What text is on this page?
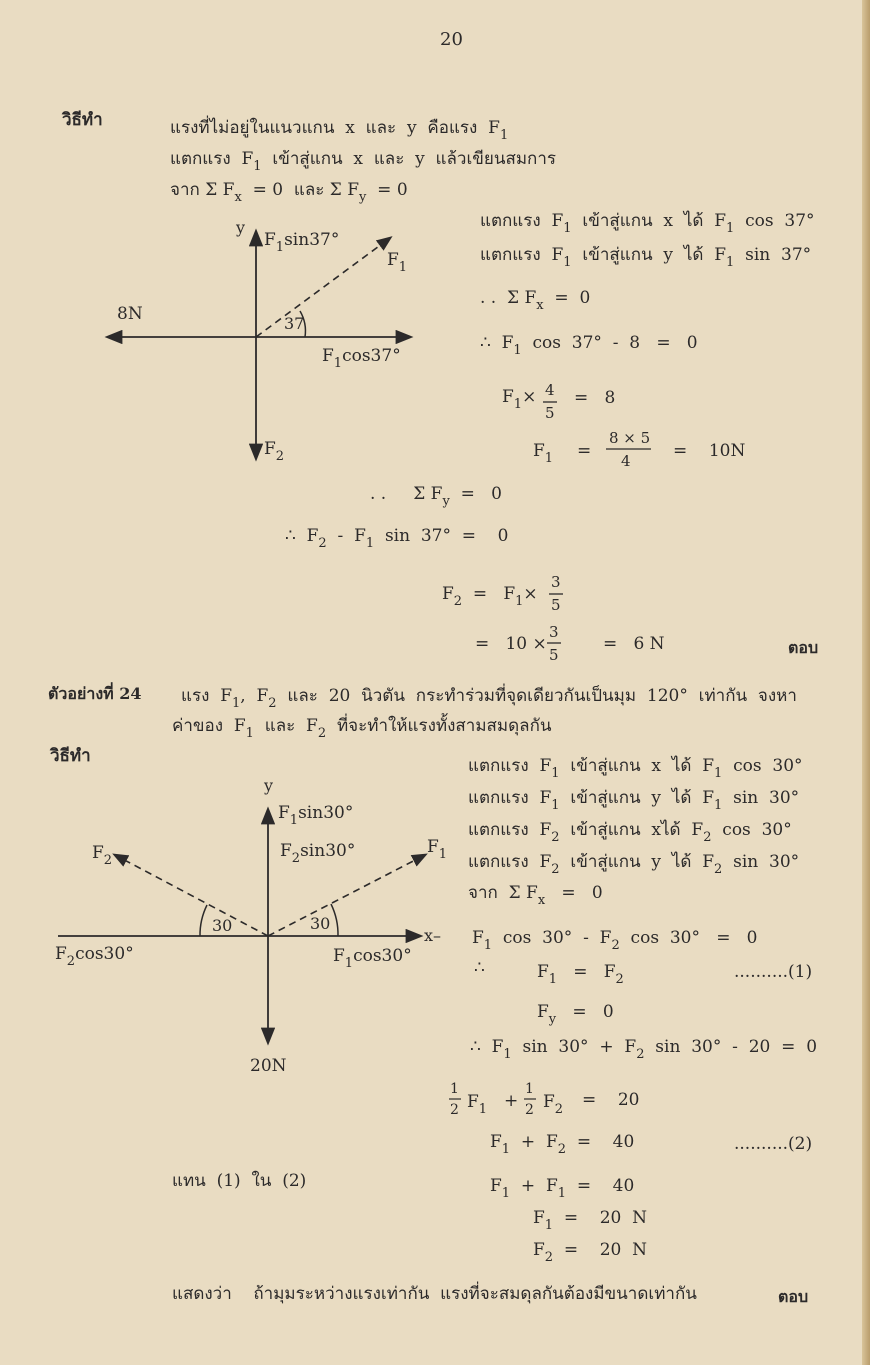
20
วิธีทำ	แรงที่ไม่อยู่ในแนวแกน  x  และ  y  คือแรง  $F_1$
แตกแรง  $F_1$  เข้าสู่แกน  x  และ  y  แล้วเขียนสมการ
จาก Σ $F_x = 0$  และ Σ $F_y = 0$
y
$F_1\sin 37^\circ$
$F_1$
8N	37
$F_1\cos 37^\circ$
$F_2$
แตกแรง  $F_1$  เข้าสู่แกน  x  ได้  $F_1$  cos  37°
แตกแรง  $F_1$  เข้าสู่แกน  y  ได้  $F_1$  sin  37°
. .  Σ $F_x = 0$
∴  $F_1$  cos  37°  -  8   =   0
$F_1\times 4$
5
=   8
$F_1$ =
8 × 5
4 =    10N
. .     Σ $F_y = 0$
∴  $F_2 - F_1$  sin  37°  =    0
$F_2 = F_1\times$
3
5
=   10 ×
3
5
=   6 N	ตอบ
ตัวอย่างที่ 24 แรง  $F_1$,  $F_2$  และ  20  นิวตัน  กระทำร่วมที่จุดเดียวกันเป็นมุม  120°  เท่ากัน  จงหา
ค่าของ  $F_1$  และ  $F_2$  ที่จะทำให้แรงทั้งสามสมดุลกัน
วิธีทำ
y
$F_1\sin 30^\circ$
$F_2\sin 30^\circ$	$F_1$
$F_2$
30	30
x–
$F_2\cos 30^\circ$	$F_1\cos 30^\circ$
20N
แตกแรง  $F_1$  เข้าสู่แกน  x  ได้  $F_1$  cos  30°
แตกแรง  $F_1$  เข้าสู่แกน  y  ได้  $F_1$  sin  30°
แตกแรง  $F_2$  เข้าสู่แกน  xได้  $F_2$  cos  30°
แตกแรง  $F_2$  เข้าสู่แกน  y  ได้  $F_2$  sin  30°
จาก  Σ $F_x = 0$
$F_1$  $\cos 30^\circ - F_2$  cos  30°   =   0
∴	$F_1 = F_2$	..........(1)
$F_y = 0$
∴  $F_1$  $\sin 30^\circ + F_2$  sin  30°  -  20  =  0
1
2 $F_1$ +
1
2 $F_2$ =    20
$F_1 + F_2$  =    40	..........(2)
แทน  (1)  ใน  (2)	$F_1 + F_1$  =    40
$F_1$  =    20  N
$F_2$  =    20  N
แสดงว่า    ถ้ามุมระหว่างแรงเท่ากัน  แรงที่จะสมดุลกันต้องมีขนาดเท่ากัน	ตอบ
